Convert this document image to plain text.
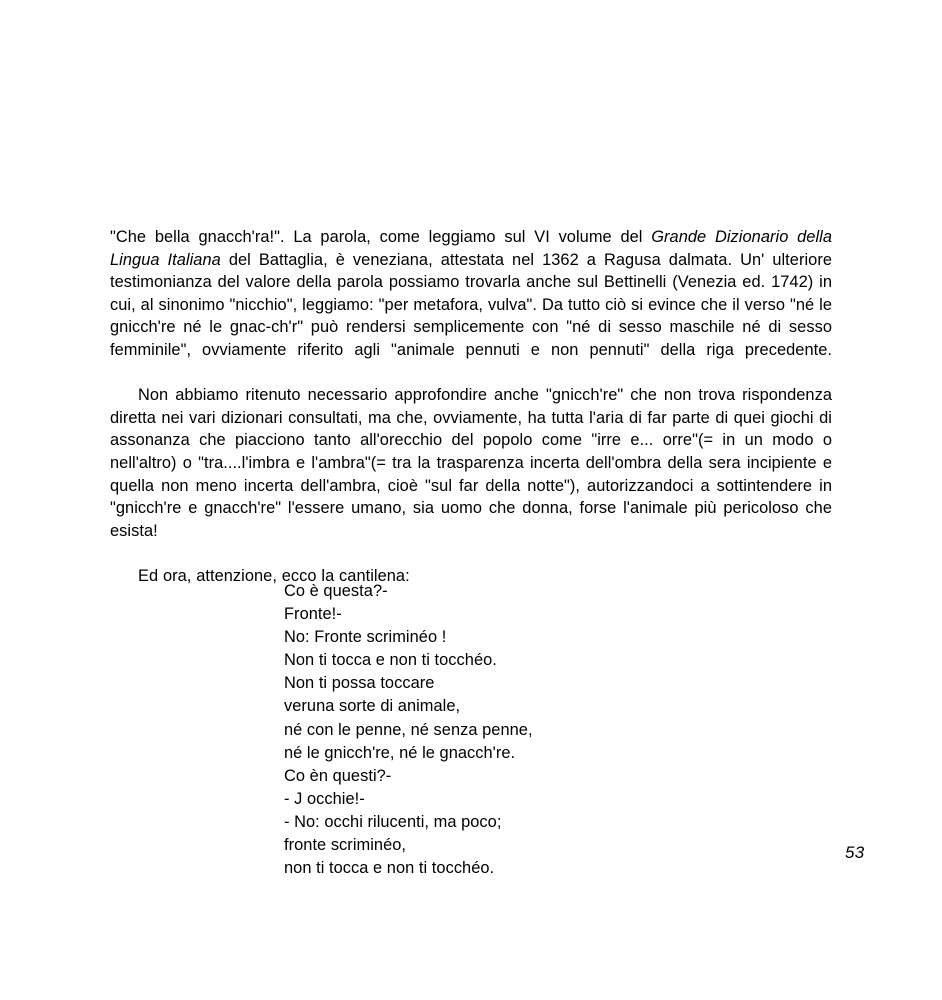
"Che bella gnacch'ra!". La parola, come leggiamo sul VI volume del Grande Dizionario della Lingua Italiana del Battaglia, è veneziana, attestata nel 1362 a Ragusa dalmata. Un' ulteriore testimonianza del valore della parola possiamo trovarla anche sul Bettinelli (Venezia ed. 1742) in cui, al sinonimo "nicchio", leggiamo: "per metafora, vulva". Da tutto ciò si evince che il verso "né le gnicch're né le gnac-ch'r" può rendersi semplicemente con "né di sesso maschile né di sesso femminile", ovviamente riferito agli "animale pennuti e non pennuti" della riga precedente.

Non abbiamo ritenuto necessario approfondire anche "gnicch're" che non trova rispondenza diretta nei vari dizionari consultati, ma che, ovviamente, ha tutta l'aria di far parte di quei giochi di assonanza che piacciono tanto all'orecchio del popolo come "irre e... orre"(= in un modo o nell'altro) o "tra....l'imbra e l'ambra"(= tra la trasparenza incerta dell'ombra della sera incipiente e quella non meno incerta dell'ambra, cioè "sul far della notte"), autorizzandoci a sottintendere in "gnicch're e gnacch're" l'essere umano, sia uomo che donna, forse l'animale più pericoloso che esista!

Ed ora, attenzione, ecco la cantilena:

Co è questa?-
Fronte!-
No: Fronte scriminéo !
Non ti tocca e non ti tocchéo.
Non ti possa toccare
veruna sorte di animale,
né con le penne, né senza penne,
né le gnicch're, né le gnacch're.
Co èn questi?-
- J occhie!-
- No: occhi rilucenti, ma poco;
fronte scriminéo,
non ti tocca e non ti tocchéo.
53
